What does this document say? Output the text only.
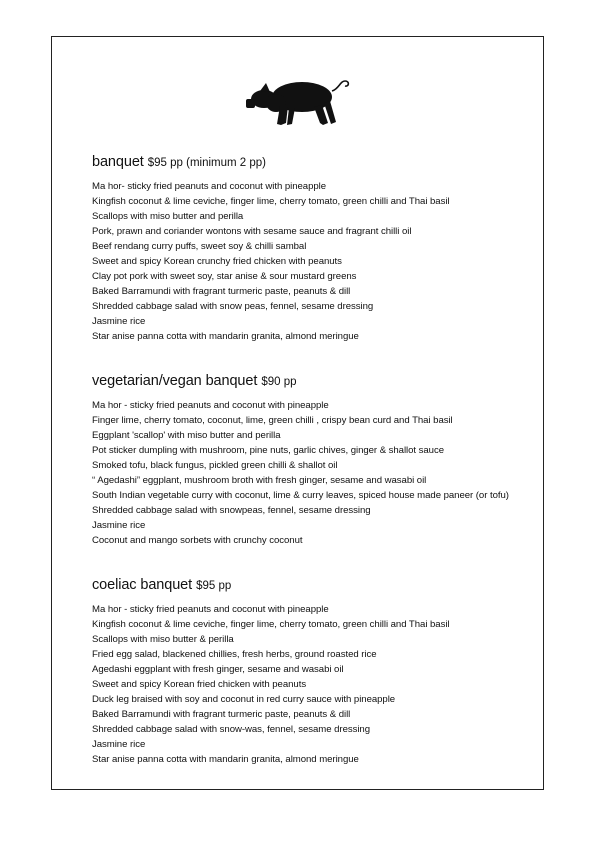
banquet $95 pp (minimum 2 pp)
Ma hor- sticky fried peanuts and coconut with pineapple
Kingfish coconut & lime ceviche, finger lime, cherry tomato, green chilli and Thai basil
Scallops with miso butter and perilla
Pork, prawn and coriander wontons with sesame sauce and fragrant chilli oil
Beef rendang curry puffs, sweet soy & chilli sambal
Sweet and spicy Korean crunchy fried chicken with peanuts
Clay pot pork with sweet soy, star anise & sour mustard greens
Baked Barramundi with fragrant turmeric paste, peanuts & dill
Shredded cabbage salad with snow peas, fennel, sesame dressing
Jasmine rice
Star anise panna cotta with mandarin granita, almond meringue
vegetarian/vegan banquet $90 pp
Ma hor - sticky fried peanuts and coconut with pineapple
Finger lime, cherry tomato, coconut, lime, green chilli , crispy bean curd and Thai basil
Eggplant 'scallop' with miso butter and perilla
Pot sticker dumpling with mushroom, pine nuts, garlic chives, ginger & shallot sauce
Smoked tofu, black fungus, pickled green chilli & shallot oil
“ Agedashi” eggplant, mushroom broth with fresh ginger, sesame and wasabi oil
South Indian vegetable curry with coconut, lime & curry leaves, spiced house made paneer (or tofu)
Shredded cabbage salad with snowpeas, fennel, sesame dressing
Jasmine rice
Coconut and mango sorbets with crunchy coconut
coeliac banquet $95 pp
Ma hor - sticky fried peanuts and coconut with pineapple
Kingfish coconut & lime ceviche, finger lime, cherry tomato, green chilli and Thai basil
Scallops with miso butter & perilla
Fried egg salad, blackened chillies, fresh herbs, ground roasted rice
Agedashi eggplant with fresh ginger, sesame and wasabi oil
Sweet and spicy Korean fried chicken with peanuts
Duck leg braised with soy and coconut in red curry sauce with pineapple
Baked Barramundi with fragrant turmeric paste, peanuts & dill
Shredded cabbage salad with snow-was, fennel, sesame dressing
Jasmine rice
Star anise panna cotta with mandarin granita, almond meringue
